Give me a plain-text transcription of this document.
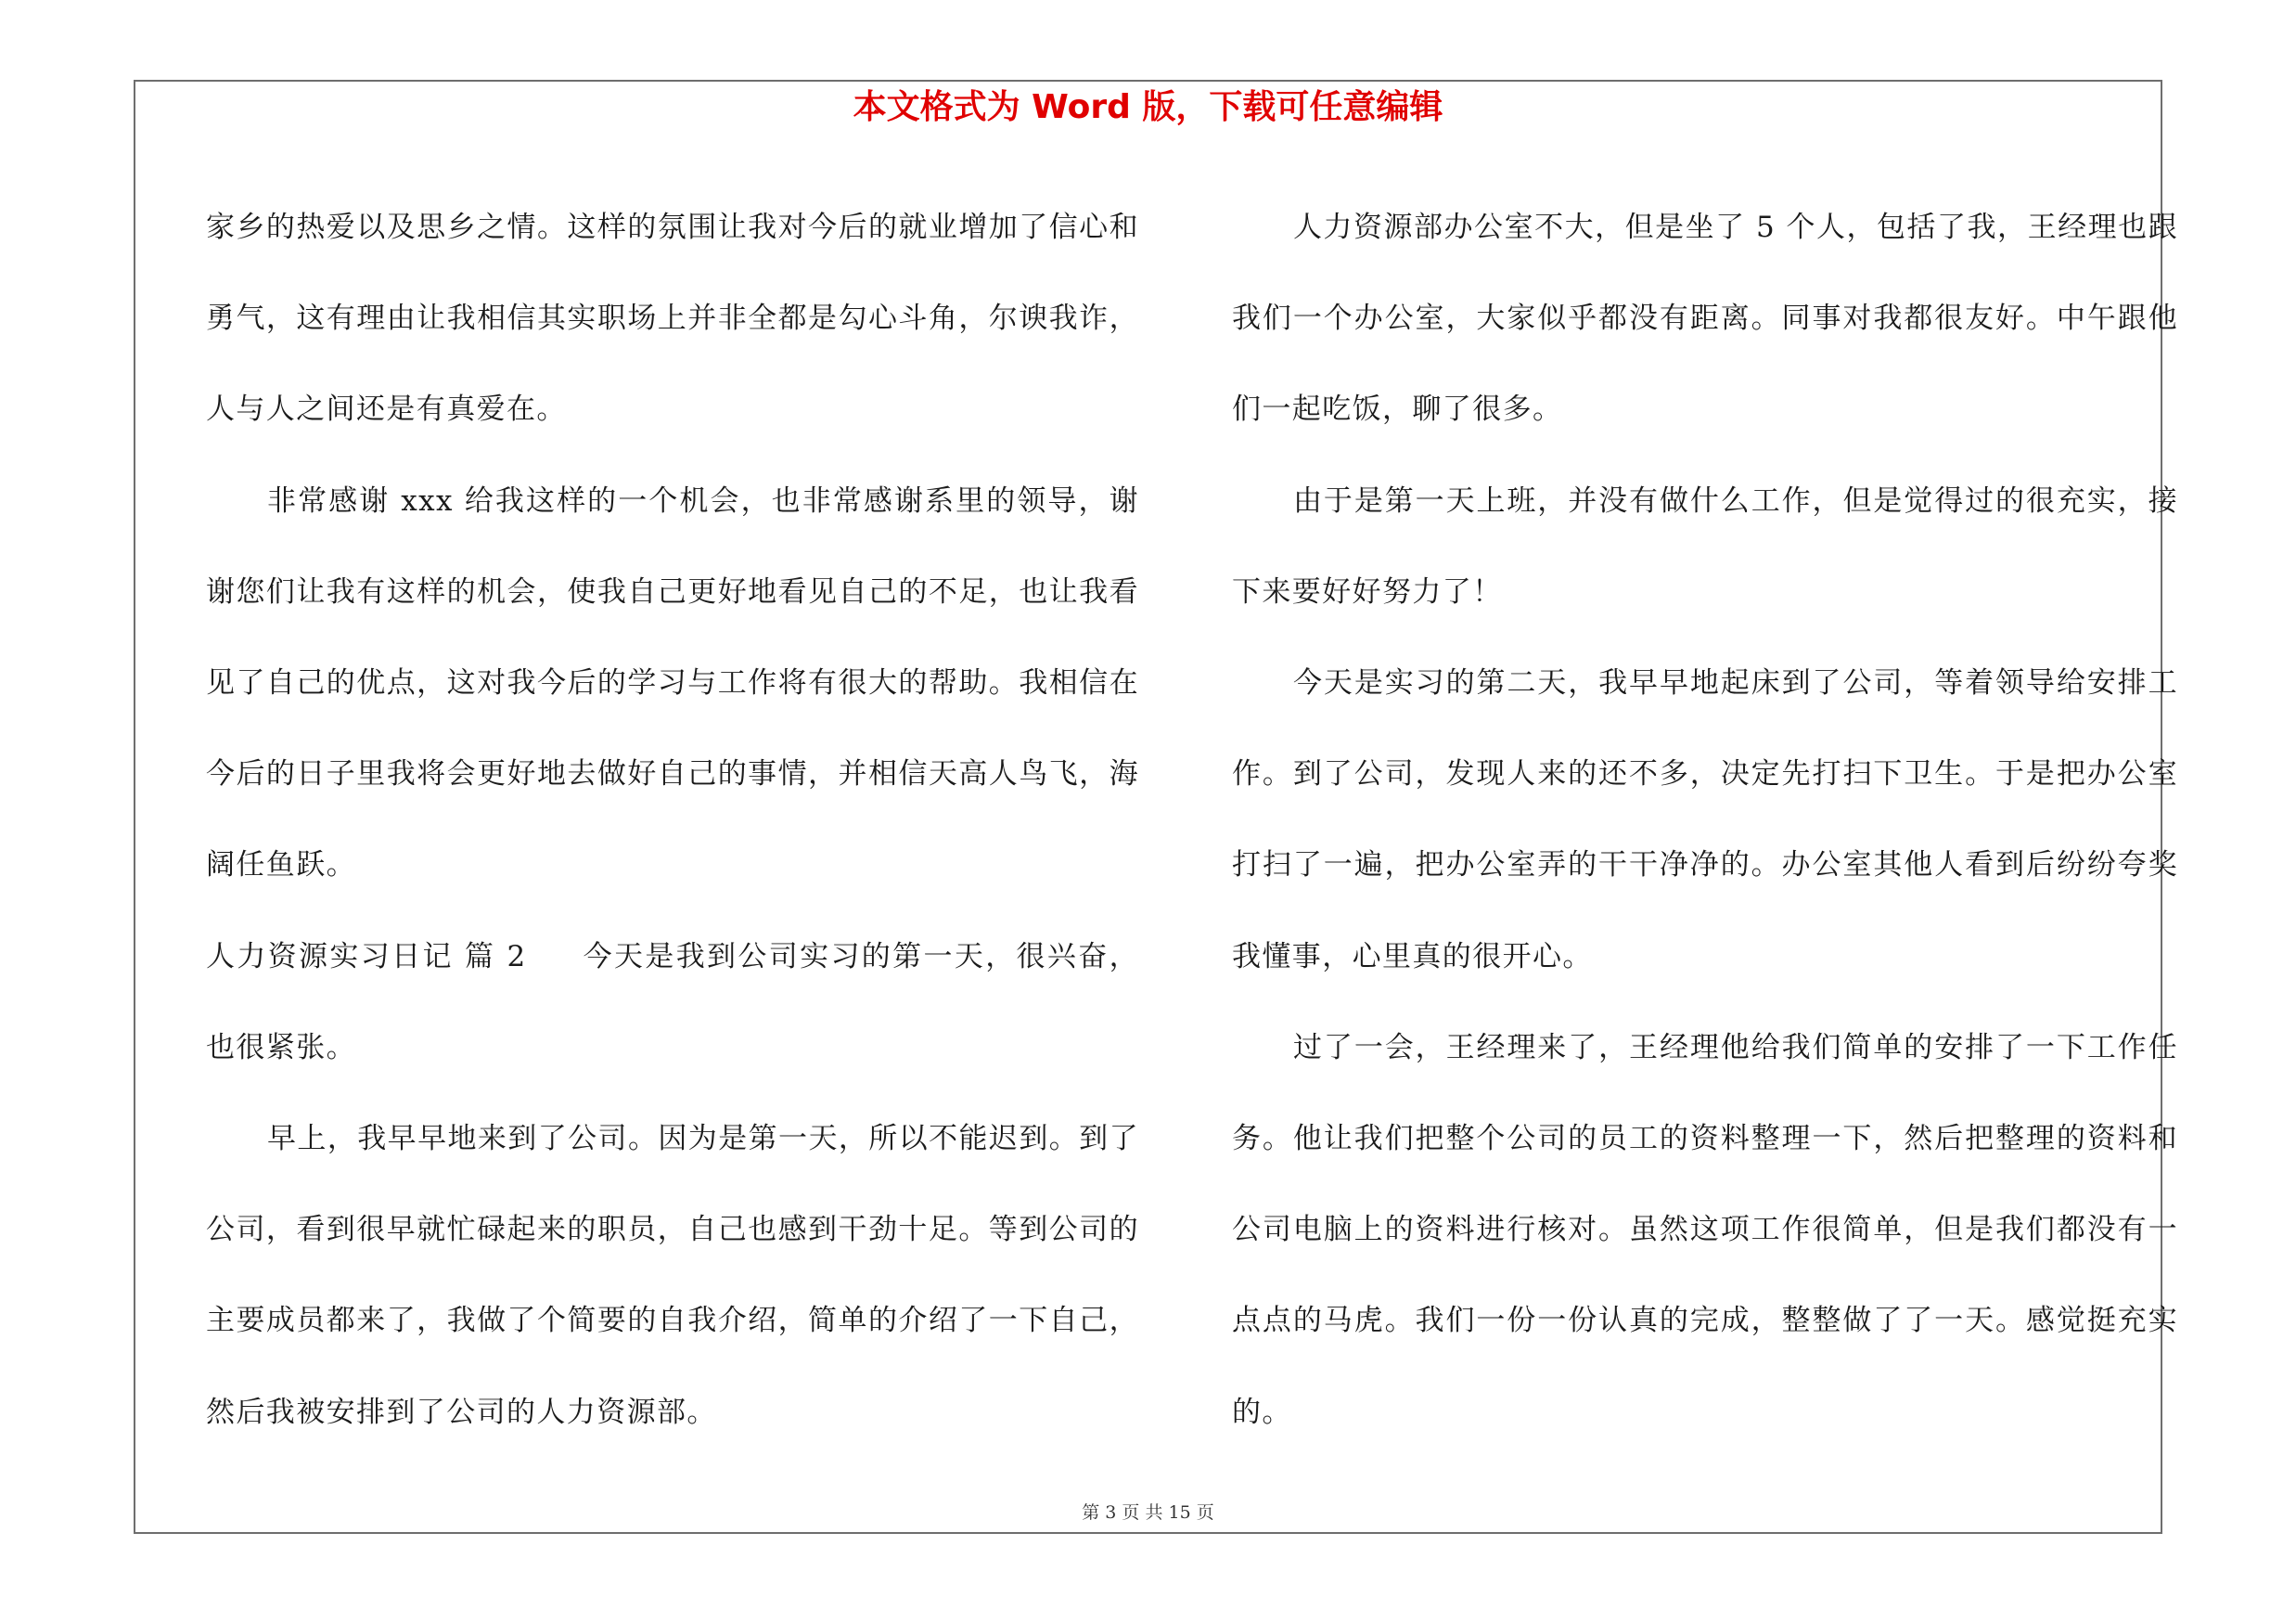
本文格式为 Word 版，下载可任意编辑

家乡的热爱以及思乡之情。这样的氛围让我对今后的就业增加了信心和勇气，这有理由让我相信其实职场上并非全都是勾心斗角，尔谀我诈，人与人之间还是有真爱在。

非常感谢 xxx 给我这样的一个机会，也非常感谢系里的领导，谢谢您们让我有这样的机会，使我自己更好地看见自己的不足，也让我看见了自己的优点，这对我今后的学习与工作将有很大的帮助。我相信在今后的日子里我将会更好地去做好自己的事情，并相信天高人鸟飞，海阔任鱼跃。

人力资源实习日记 篇 2 今天是我到公司实习的第一天，很兴奋，也很紧张。

早上，我早早地来到了公司。因为是第一天，所以不能迟到。到了公司，看到很早就忙碌起来的职员，自己也感到干劲十足。等到公司的主要成员都来了，我做了个简要的自我介绍，简单的介绍了一下自己，然后我被安排到了公司的人力资源部。

人力资源部办公室不大，但是坐了 5 个人，包括了我，王经理也跟我们一个办公室，大家似乎都没有距离。同事对我都很友好。中午跟他们一起吃饭，聊了很多。

由于是第一天上班，并没有做什么工作，但是觉得过的很充实，接下来要好好努力了！

今天是实习的第二天，我早早地起床到了公司，等着领导给安排工作。到了公司，发现人来的还不多，决定先打扫下卫生。于是把办公室打扫了一遍，把办公室弄的干干净净的。办公室其他人看到后纷纷夸奖我懂事，心里真的很开心。

过了一会，王经理来了，王经理他给我们简单的安排了一下工作任务。他让我们把整个公司的员工的资料整理一下，然后把整理的资料和公司电脑上的资料进行核对。虽然这项工作很简单，但是我们都没有一点点的马虎。我们一份一份认真的完成，整整做了了一天。感觉挺充实的。

第 3 页 共 15 页
